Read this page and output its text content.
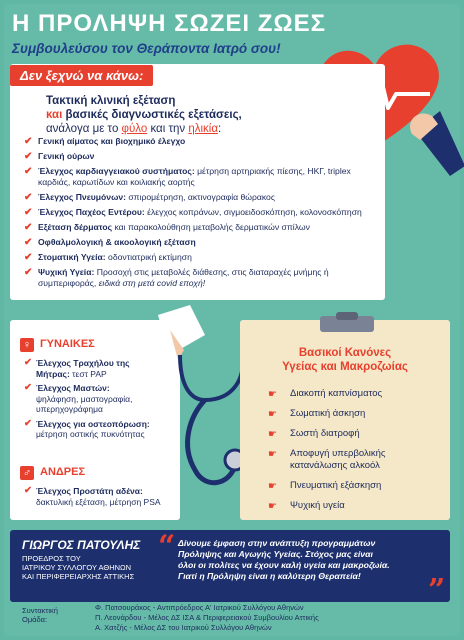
Η ΠΡΟΛΗΨΗ ΣΩΖΕΙ ΖΩΕΣ
Συμβουλεύσου τον Θεράποντα Ιατρό σου!
Δεν ξεχνώ να κάνω:
Τακτική κλινική εξέταση
και βασικές διαγνωστικές εξετάσεις,
ανάλογα με το φύλο και την ηλικία:
✔ Γενική αίματος και βιοχημικό έλεγχο
✔ Γενική ούρων
✔ Έλεγχος καρδιαγγειακού συστήματος: μέτρηση αρτηριακής πίεσης, ΗΚΓ, triplex καρδιάς, καρωτίδων και κοιλιακής αορτής
✔ Έλεγχος Πνευμόνων: σπιρομέτρηση, ακτινογραφία θώρακος
✔ Έλεγχος Παχέος Εντέρου: έλεγχος κοπράνων, σιγμοειδοσκόπηση, κολονοσκόπηση
✔ Εξέταση δέρματος και παρακολούθηση μεταβολής δερματικών σπίλων
✔ Οφθαλμολογική & ακοολογική εξέταση
✔ Στοματική Υγεία: οδοντιατρική εκτίμηση
✔ Ψυχική Υγεία: Προσοχή στις μεταβολές διάθεσης, στις διαταραχές μνήμης ή συμπεριφοράς, ειδικά στη μετά covid εποχή!
♀ ΓΥΝΑΙΚΕΣ
✔ Έλεγχος Τραχήλου της Μήτρας: τεστ PAP
✔ Έλεγχος Μαστών: ψηλάφηση, μαστογραφία, υπερηχογράφημα
✔ Έλεγχος για οστεοπόρωση: μέτρηση οστικής πυκνότητας
♂ ΑΝΔΡΕΣ
✔ Έλεγχος Προστάτη αδένα: δακτυλική εξέταση, μέτρηση PSA
Βασικοί Κανόνες
Υγείας και Μακροζωίας
☛ Διακοπή καπνίσματος
☛ Σωματική άσκηση
☛ Σωστή διατροφή
☛ Αποφυγή υπερβολικής κατανάλωσης αλκοόλ
☛ Πνευματική εξάσκηση
☛ Ψυχική υγεία
ΓΙΩΡΓΟΣ ΠΑΤΟΥΛΗΣ
ΠΡΟΕΔΡΟΣ ΤΟΥ
ΙΑΤΡΙΚΟΥ ΣΥΛΛΟΓΟΥ ΑΘΗΝΩΝ
ΚΑΙ ΠΕΡΙΦΕΡΕΙΑΡΧΗΣ ΑΤΤΙΚΗΣ
“ Δίνουμε έμφαση στην ανάπτυξη προγραμμάτων
Πρόληψης και Αγωγής Υγείας. Στόχος μας είναι
όλοι οι πολίτες να έχουν καλή υγεία και μακροζωία.
Γιατί η Πρόληψη είναι η καλύτερη Θεραπεία!	”
Συντακτική
Ομάδα:
Φ. Πατσουράκος - Αντιπρόεδρος Α' Ιατρικού Συλλόγου Αθηνών
Π. Λεονάρδου - Μέλος ΔΣ ΙΣΑ & Περιφερειακού Συμβουλίου Αττικής
Α. Χατζής - Μέλος ΔΣ του Ιατρικού Συλλόγου Αθηνών
